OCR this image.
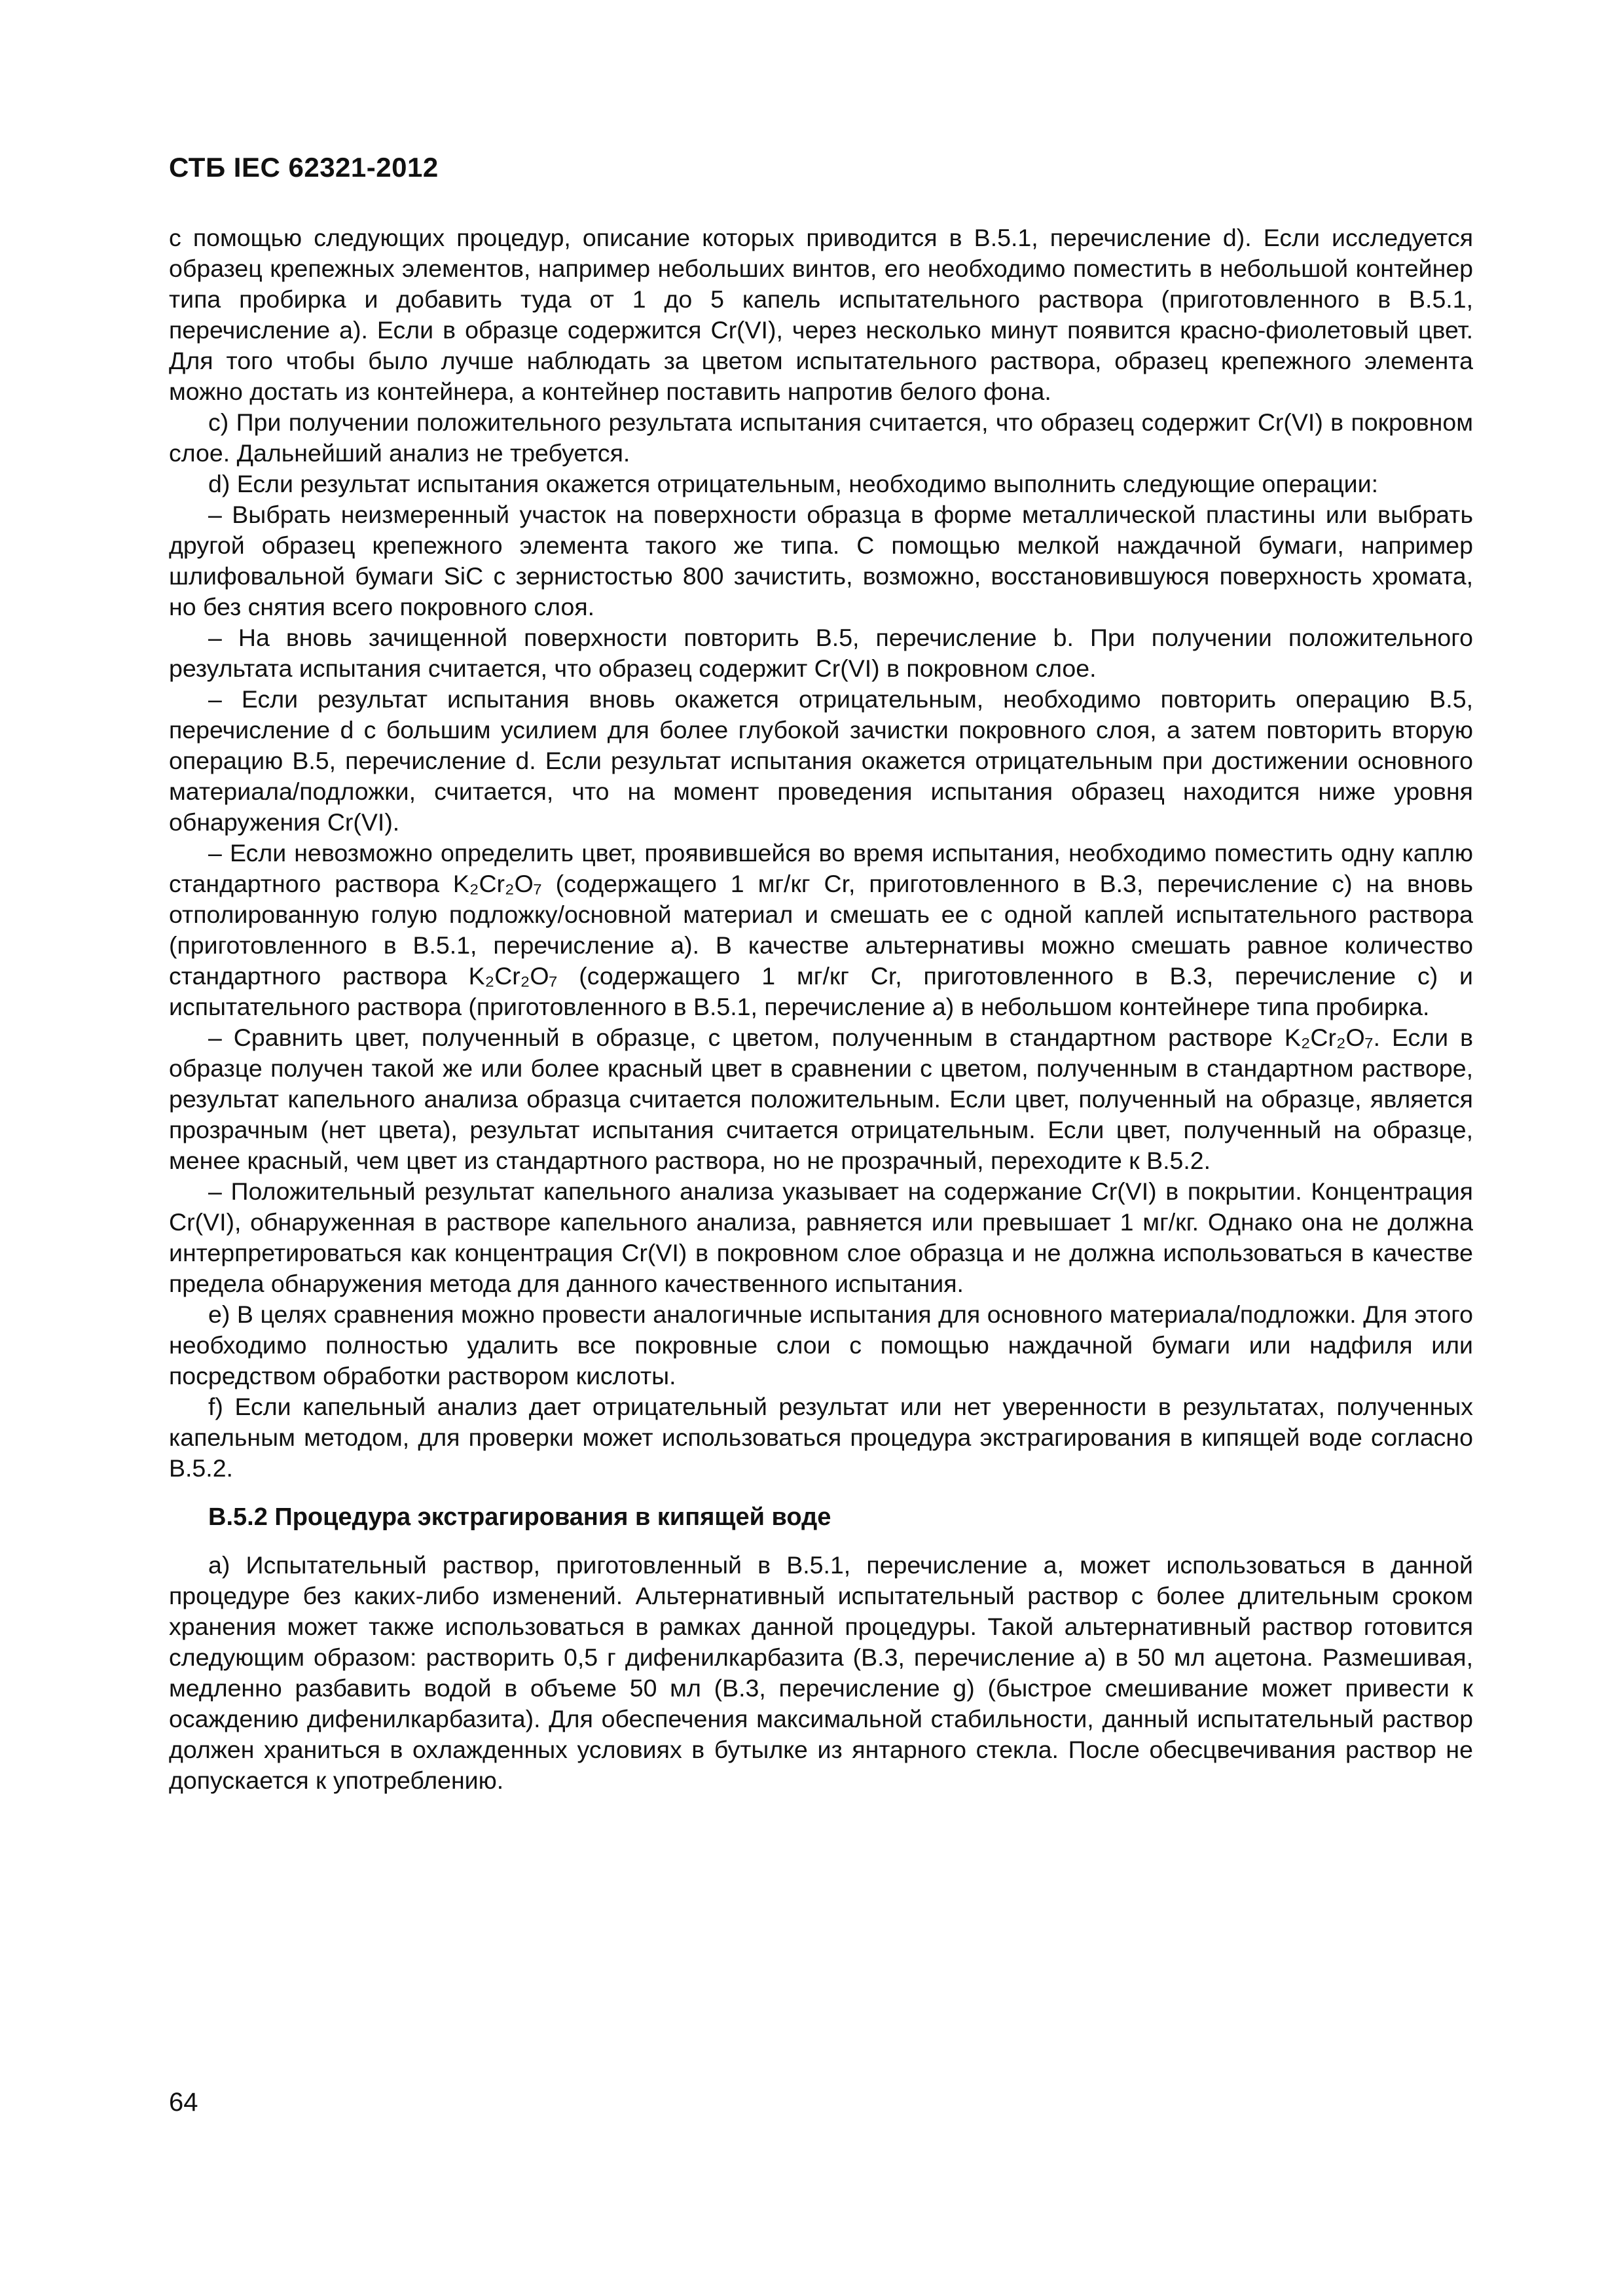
СТБ IEC 62321-2012

с помощью следующих процедур, описание которых приводится в В.5.1, перечисление d). Если исследуется образец крепежных элементов, например небольших винтов, его необходимо поместить в небольшой контейнер типа пробирка и добавить туда от 1 до 5 капель испытательного раствора (приготовленного в В.5.1, перечисление а). Если в образце содержится Cr(VI), через несколько минут появится красно-фиолетовый цвет. Для того чтобы было лучше наблюдать за цветом испытательного раствора, образец крепежного элемента можно достать из контейнера, а контейнер поставить напротив белого фона.

с) При получении положительного результата испытания считается, что образец содержит Cr(VI) в покровном слое. Дальнейший анализ не требуется.

d) Если результат испытания окажется отрицательным, необходимо выполнить следующие операции:

– Выбрать неизмеренный участок на поверхности образца в форме металлической пластины или выбрать другой образец крепежного элемента такого же типа. С помощью мелкой наждачной бумаги, например шлифовальной бумаги SiC с зернистостью 800 зачистить, возможно, восстановившуюся поверхность хромата, но без снятия всего покровного слоя.

– На вновь зачищенной поверхности повторить В.5, перечисление b. При получении положительного результата испытания считается, что образец содержит Cr(VI) в покровном слое.

– Если результат испытания вновь окажется отрицательным, необходимо повторить операцию В.5, перечисление d с большим усилием для более глубокой зачистки покровного слоя, а затем повторить вторую операцию В.5, перечисление d. Если результат испытания окажется отрицательным при достижении основного материала/подложки, считается, что на момент проведения испытания образец находится ниже уровня обнаружения Cr(VI).

– Если невозможно определить цвет, проявившейся во время испытания, необходимо поместить одну каплю стандартного раствора K₂Cr₂O₇ (содержащего 1 мг/кг Cr, приготовленного в В.3, перечисление с) на вновь отполированную голую подложку/основной материал и смешать ее с одной каплей испытательного раствора (приготовленного в В.5.1, перечисление а). В качестве альтернативы можно смешать равное количество стандартного раствора K₂Cr₂O₇ (содержащего 1 мг/кг Cr, приготовленного в В.3, перечисление с) и испытательного раствора (приготовленного в В.5.1, перечисление а) в небольшом контейнере типа пробирка.

– Сравнить цвет, полученный в образце, с цветом, полученным в стандартном растворе K₂Cr₂O₇. Если в образце получен такой же или более красный цвет в сравнении с цветом, полученным в стандартном растворе, результат капельного анализа образца считается положительным. Если цвет, полученный на образце, является прозрачным (нет цвета), результат испытания считается отрицательным. Если цвет, полученный на образце, менее красный, чем цвет из стандартного раствора, но не прозрачный, переходите к В.5.2.

– Положительный результат капельного анализа указывает на содержание Cr(VI) в покрытии. Концентрация Cr(VI), обнаруженная в растворе капельного анализа, равняется или превышает 1 мг/кг. Однако она не должна интерпретироваться как концентрация Cr(VI) в покровном слое образца и не должна использоваться в качестве предела обнаружения метода для данного качественного испытания.

е) В целях сравнения можно провести аналогичные испытания для основного материала/подложки. Для этого необходимо полностью удалить все покровные слои с помощью наждачной бумаги или надфиля или посредством обработки раствором кислоты.

f) Если капельный анализ дает отрицательный результат или нет уверенности в результатах, полученных капельным методом, для проверки может использоваться процедура экстрагирования в кипящей воде согласно В.5.2.

В.5.2 Процедура экстрагирования в кипящей воде

а) Испытательный раствор, приготовленный в В.5.1, перечисление а, может использоваться в данной процедуре без каких-либо изменений. Альтернативный испытательный раствор с более длительным сроком хранения может также использоваться в рамках данной процедуры. Такой альтернативный раствор готовится следующим образом: растворить 0,5 г дифенилкарбазита (В.3, перечисление а) в 50 мл ацетона. Размешивая, медленно разбавить водой в объеме 50 мл (В.3, перечисление g) (быстрое смешивание может привести к осаждению дифенилкарбазита). Для обеспечения максимальной стабильности, данный испытательный раствор должен храниться в охлажденных условиях в бутылке из янтарного стекла. После обесцвечивания раствор не допускается к употреблению.

64
